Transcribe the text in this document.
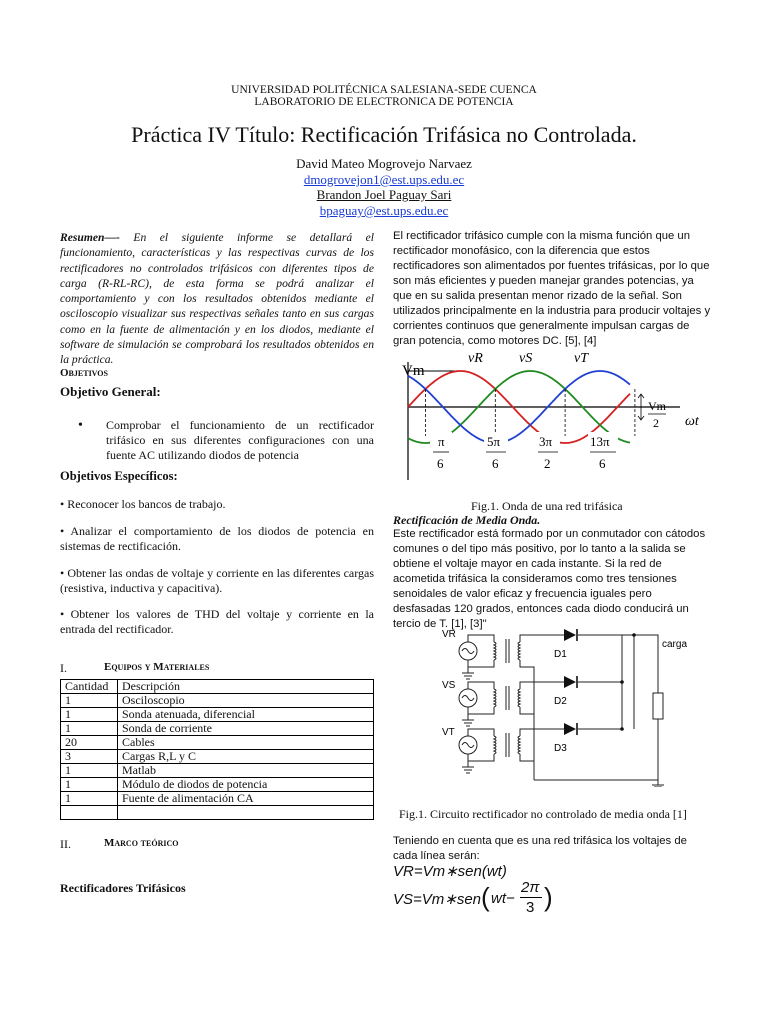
UNIVERSIDAD POLITÉCNICA SALESIANA-SEDE CUENCA
LABORATORIO DE ELECTRONICA DE POTENCIA
Práctica IV Título: Rectificación Trifásica no Controlada.
David Mateo Mogrovejo Narvaez
dmogrovejon1@est.ups.edu.ec
Brandon Joel Paguay Sari
bpaguay@est.ups.edu.ec
Resumen—- En el siguiente informe se detallará el funcionamiento, características y las respectivas curvas de los rectificadores no controlados trifásicos con diferentes tipos de carga (R-RL-RC), de esta forma se podrá analizar el comportamiento y con los resultados obtenidos mediante el osciloscopio visualizar sus respectivas señales tanto en sus cargas como en la fuente de alimentación y en los diodos, mediante el software de simulación se comprobará los resultados obtenidos en la práctica.
Objetivos
Objetivo General:
• Comprobar el funcionamiento de un rectificador trifásico en sus diferentes configuraciones con una fuente AC utilizando diodos de potencia
Objetivos Específicos:
• Reconocer los bancos de trabajo.
• Analizar el comportamiento de los diodos de potencia en sistemas de rectificación.
• Obtener las ondas de voltaje y corriente en las diferentes cargas (resistiva, inductiva y capacitiva).
• Obtener los valores de THD del voltaje y corriente en la entrada del rectificador.
I.	Equipos y Materiales
Cantidad	Descripción
1	Osciloscopio
1	Sonda atenuada, diferencial
1	Sonda de corriente
20	Cables
3	Cargas R,L y C
1	Matlab
1	Módulo de diodos de potencia
1	Fuente de alimentación CA

II.	Marco teórico
Rectificadores Trifásicos
El rectificador trifásico cumple con la misma función que un rectificador monofásico, con la diferencia que estos rectificadores son alimentados por fuentes trifásicas, por lo que son más eficientes y pueden manejar grandes potencias, ya que en su salida presentan menor rizado de la señal. Son utilizados principalmente en la industria para producir voltajes y corrientes continuos que generalmente impulsan cargas de gran potencia, como motores DC. [5], [4]
Vm
vR	vS	vT
ωt
Vm
2
π
6
5π
6
3π
2
13π
6
Fig.1. Onda de una red trifásica
Rectificación de Media Onda.
Este rectificador está formado por un conmutador con cátodos comunes o del tipo más positivo, por lo tanto a la salida se obtiene el voltaje mayor en cada instante. Si la red de acometida trifásica la consideramos como tres tensiones senoidales de valor eficaz y frecuencia iguales pero desfasadas 120 grados, entonces cada diodo conducirá un tercio de T. [1], [3]"
VR
VS
VT
D1
D2
D3
carga
Fig.1. Circuito rectificador no controlado de media onda [1]
Teniendo en cuenta que es una red trifásica los voltajes de cada línea serán:
VR=Vm∗sen(wt)
VS=Vm∗sen ( wt−
2π
3 )
